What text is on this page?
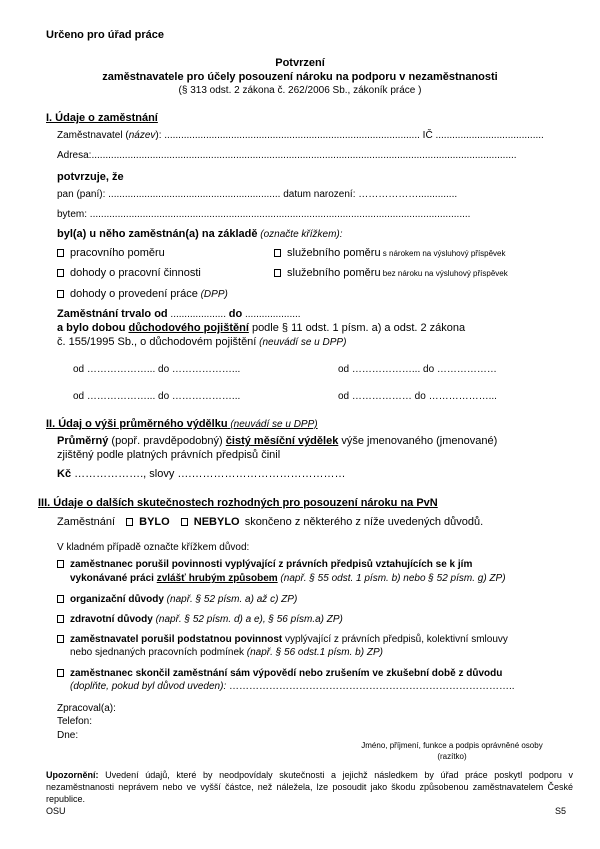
Určeno pro úřad práce
Potvrzení
zaměstnavatele pro účely posouzení nároku na podporu v nezaměstnanosti
(§ 313 odst. 2 zákona č. 262/2006 Sb., zákoník práce )
I. Údaje o zaměstnání
Zaměstnavatel (název): ............................................................................................ IČ .......................................
Adresa:.........................................................................................................................................................
potvrzuje, že
pan (paní): .............................................................. datum narození: ………………..............
bytem: .........................................................................................................................................
byl(a) u něho zaměstnán(a) na základě (označte křížkem):
pracovního poměru	služebního poměru s nárokem na výsluhový příspěvek
dohody o pracovní činnosti	služebního poměru bez nároku na výsluhový příspěvek
dohody o provedení práce (DPP)
Zaměstnání trvalo od .................... do ....................
a bylo dobou důchodového pojištění podle § 11 odst. 1 písm. a) a odst. 2 zákona
č. 155/1995 Sb., o důchodovém pojištění (neuvádí se u DPP)
od ………………... do ………………...	od ………………... do ………………
od ………………... do ………………...	od ……………… do ………………...
II. Údaj o výši průměrného výdělku (neuvádí se u DPP)
Průměrný (popř. pravděpodobný) čistý měsíční výdělek výše jmenovaného (jmenované)
zjištěný podle platných právních předpisů činil
Kč ………………., slovy ….……………………………………
III. Údaje o dalších skutečnostech rozhodných pro posouzení nároku na PvN
Zaměstnání BYLO NEBYLO skončeno z některého z níže uvedených důvodů.
V kladném případě označte křížkem důvod:
zaměstnanec porušil povinnosti vyplývající z právních předpisů vztahujících se k jím
vykonávané práci zvlášť hrubým způsobem (např. § 55 odst. 1 písm. b) nebo § 52 písm. g) ZP)
organizační důvody (např. § 52 písm. a) až c) ZP)
zdravotní důvody (např. § 52 písm. d) a e), § 56 písm.a) ZP)
zaměstnavatel porušil podstatnou povinnost vyplývající z právních předpisů, kolektivní smlouvy
nebo sjednaných pracovních podmínek (např. § 56 odst.1 písm. b) ZP)
zaměstnanec skončil zaměstnání sám výpovědí nebo zrušením ve zkušební době z důvodu
(doplňte, pokud byl důvod uveden): …………………………………………………………………………..
Zpracoval(a):
Telefon:
Dne:
Jméno, příjmení, funkce a podpis oprávněné osoby
(razítko)
Upozornění: Uvedení údajů, které by neodpovídaly skutečnosti a jejichž následkem by úřad práce poskytl podporu v nezaměstnanosti neprávem nebo ve vyšší částce, než náležela, lze posoudit jako škodu způsobenou zaměstnavatelem České republice.
OSU	S5
